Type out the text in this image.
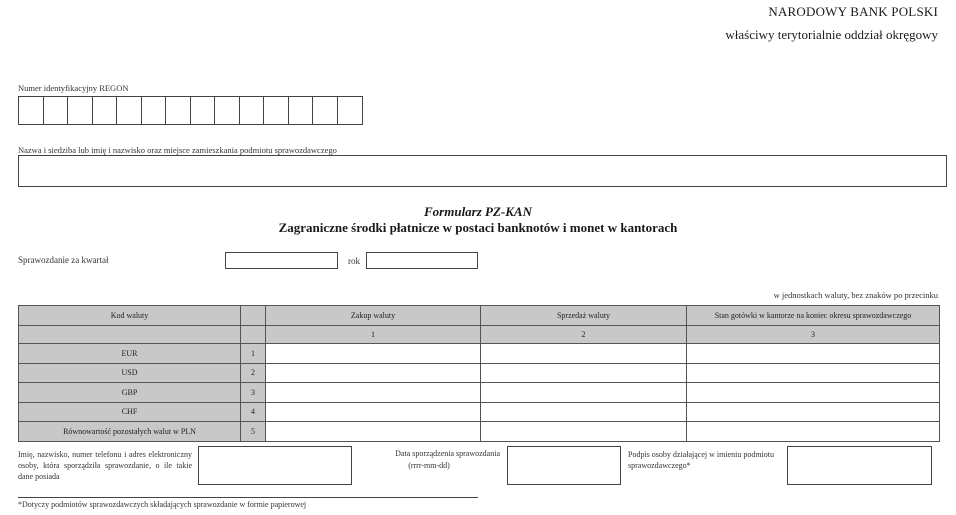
NARODOWY BANK POLSKI
właściwy terytorialnie oddział okręgowy
Numer identyfikacyjny REGON
Nazwa i siedziba lub imię i nazwisko oraz miejsce zamieszkania podmiotu sprawozdawczego
Formularz PZ-KAN
Zagraniczne środki płatnicze w postaci banknotów i monet w kantorach
Sprawozdanie za kwartał	rok
w jednostkach waluty, bez znaków po przecinku
Kod waluty		Zakup waluty	Sprzedaż waluty	Stan gotówki w kantorze na koniec okresu sprawozdawczego
		1	2	3
EUR	1			
USD	2			
GBP	3			
CHF	4			
Równowartość pozostałych walut w PLN	5			
Imię, nazwisko, numer telefonu i adres elektroniczny osoby, która sporządziła sprawozdanie, o ile takie dane posiada
Data sporządzenia sprawozdania
(rrrr-mm-dd)
Podpis osoby działającej w imieniu podmiotu sprawozdawczego*
*Dotyczy podmiotów sprawozdawczych składających sprawozdanie w formie papierowej
